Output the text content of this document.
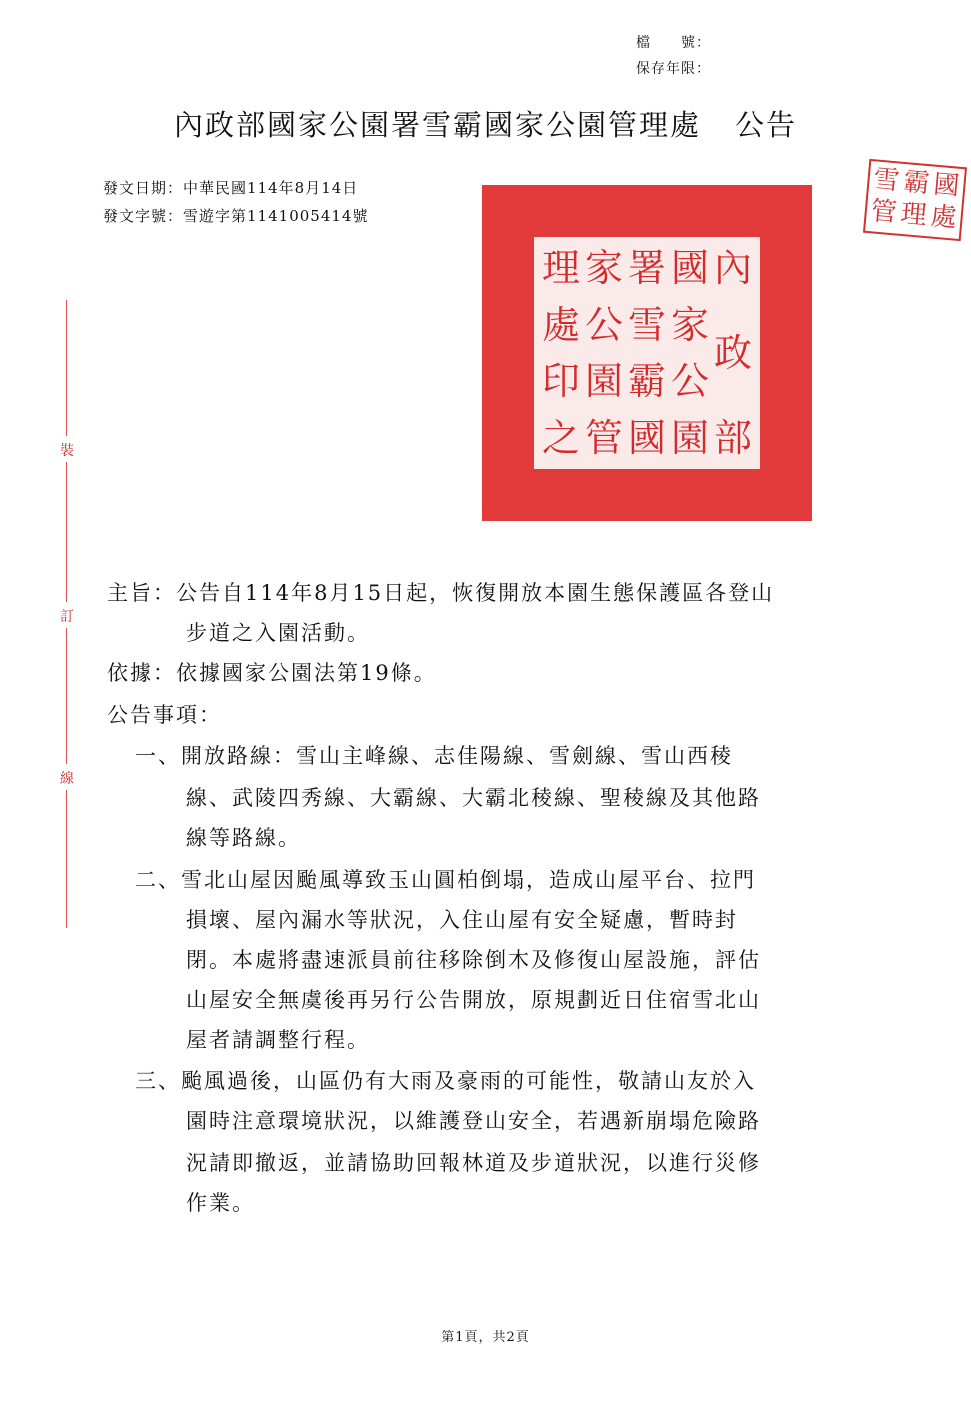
檔　　號：
保存年限：
內政部國家公園署雪霸國家公園管理處 公告
發文日期：中華民國114年8月14日
發文字號：雪遊字第1141005414號
裝
訂
線
內
政
部
國
家
公
園
署
雪
霸
國
家
公
園
管
理
處
印
之
國
處
霸
理
雪
管
主旨：公告自114年8月15日起，恢復開放本園生態保護區各登山
步道之入園活動。
依據：依據國家公園法第19條。
公告事項：
一、開放路線：雪山主峰線、志佳陽線、雪劍線、雪山西稜
線、武陵四秀線、大霸線、大霸北稜線、聖稜線及其他路
線等路線。
二、雪北山屋因颱風導致玉山圓柏倒塌，造成山屋平台、拉門
損壞、屋內漏水等狀況，入住山屋有安全疑慮，暫時封
閉。本處將盡速派員前往移除倒木及修復山屋設施，評估
山屋安全無虞後再另行公告開放，原規劃近日住宿雪北山
屋者請調整行程。
三、颱風過後，山區仍有大雨及豪雨的可能性，敬請山友於入
園時注意環境狀況，以維護登山安全，若遇新崩塌危險路
況請即撤返，並請協助回報林道及步道狀況，以進行災修
作業。
第1頁，共2頁
